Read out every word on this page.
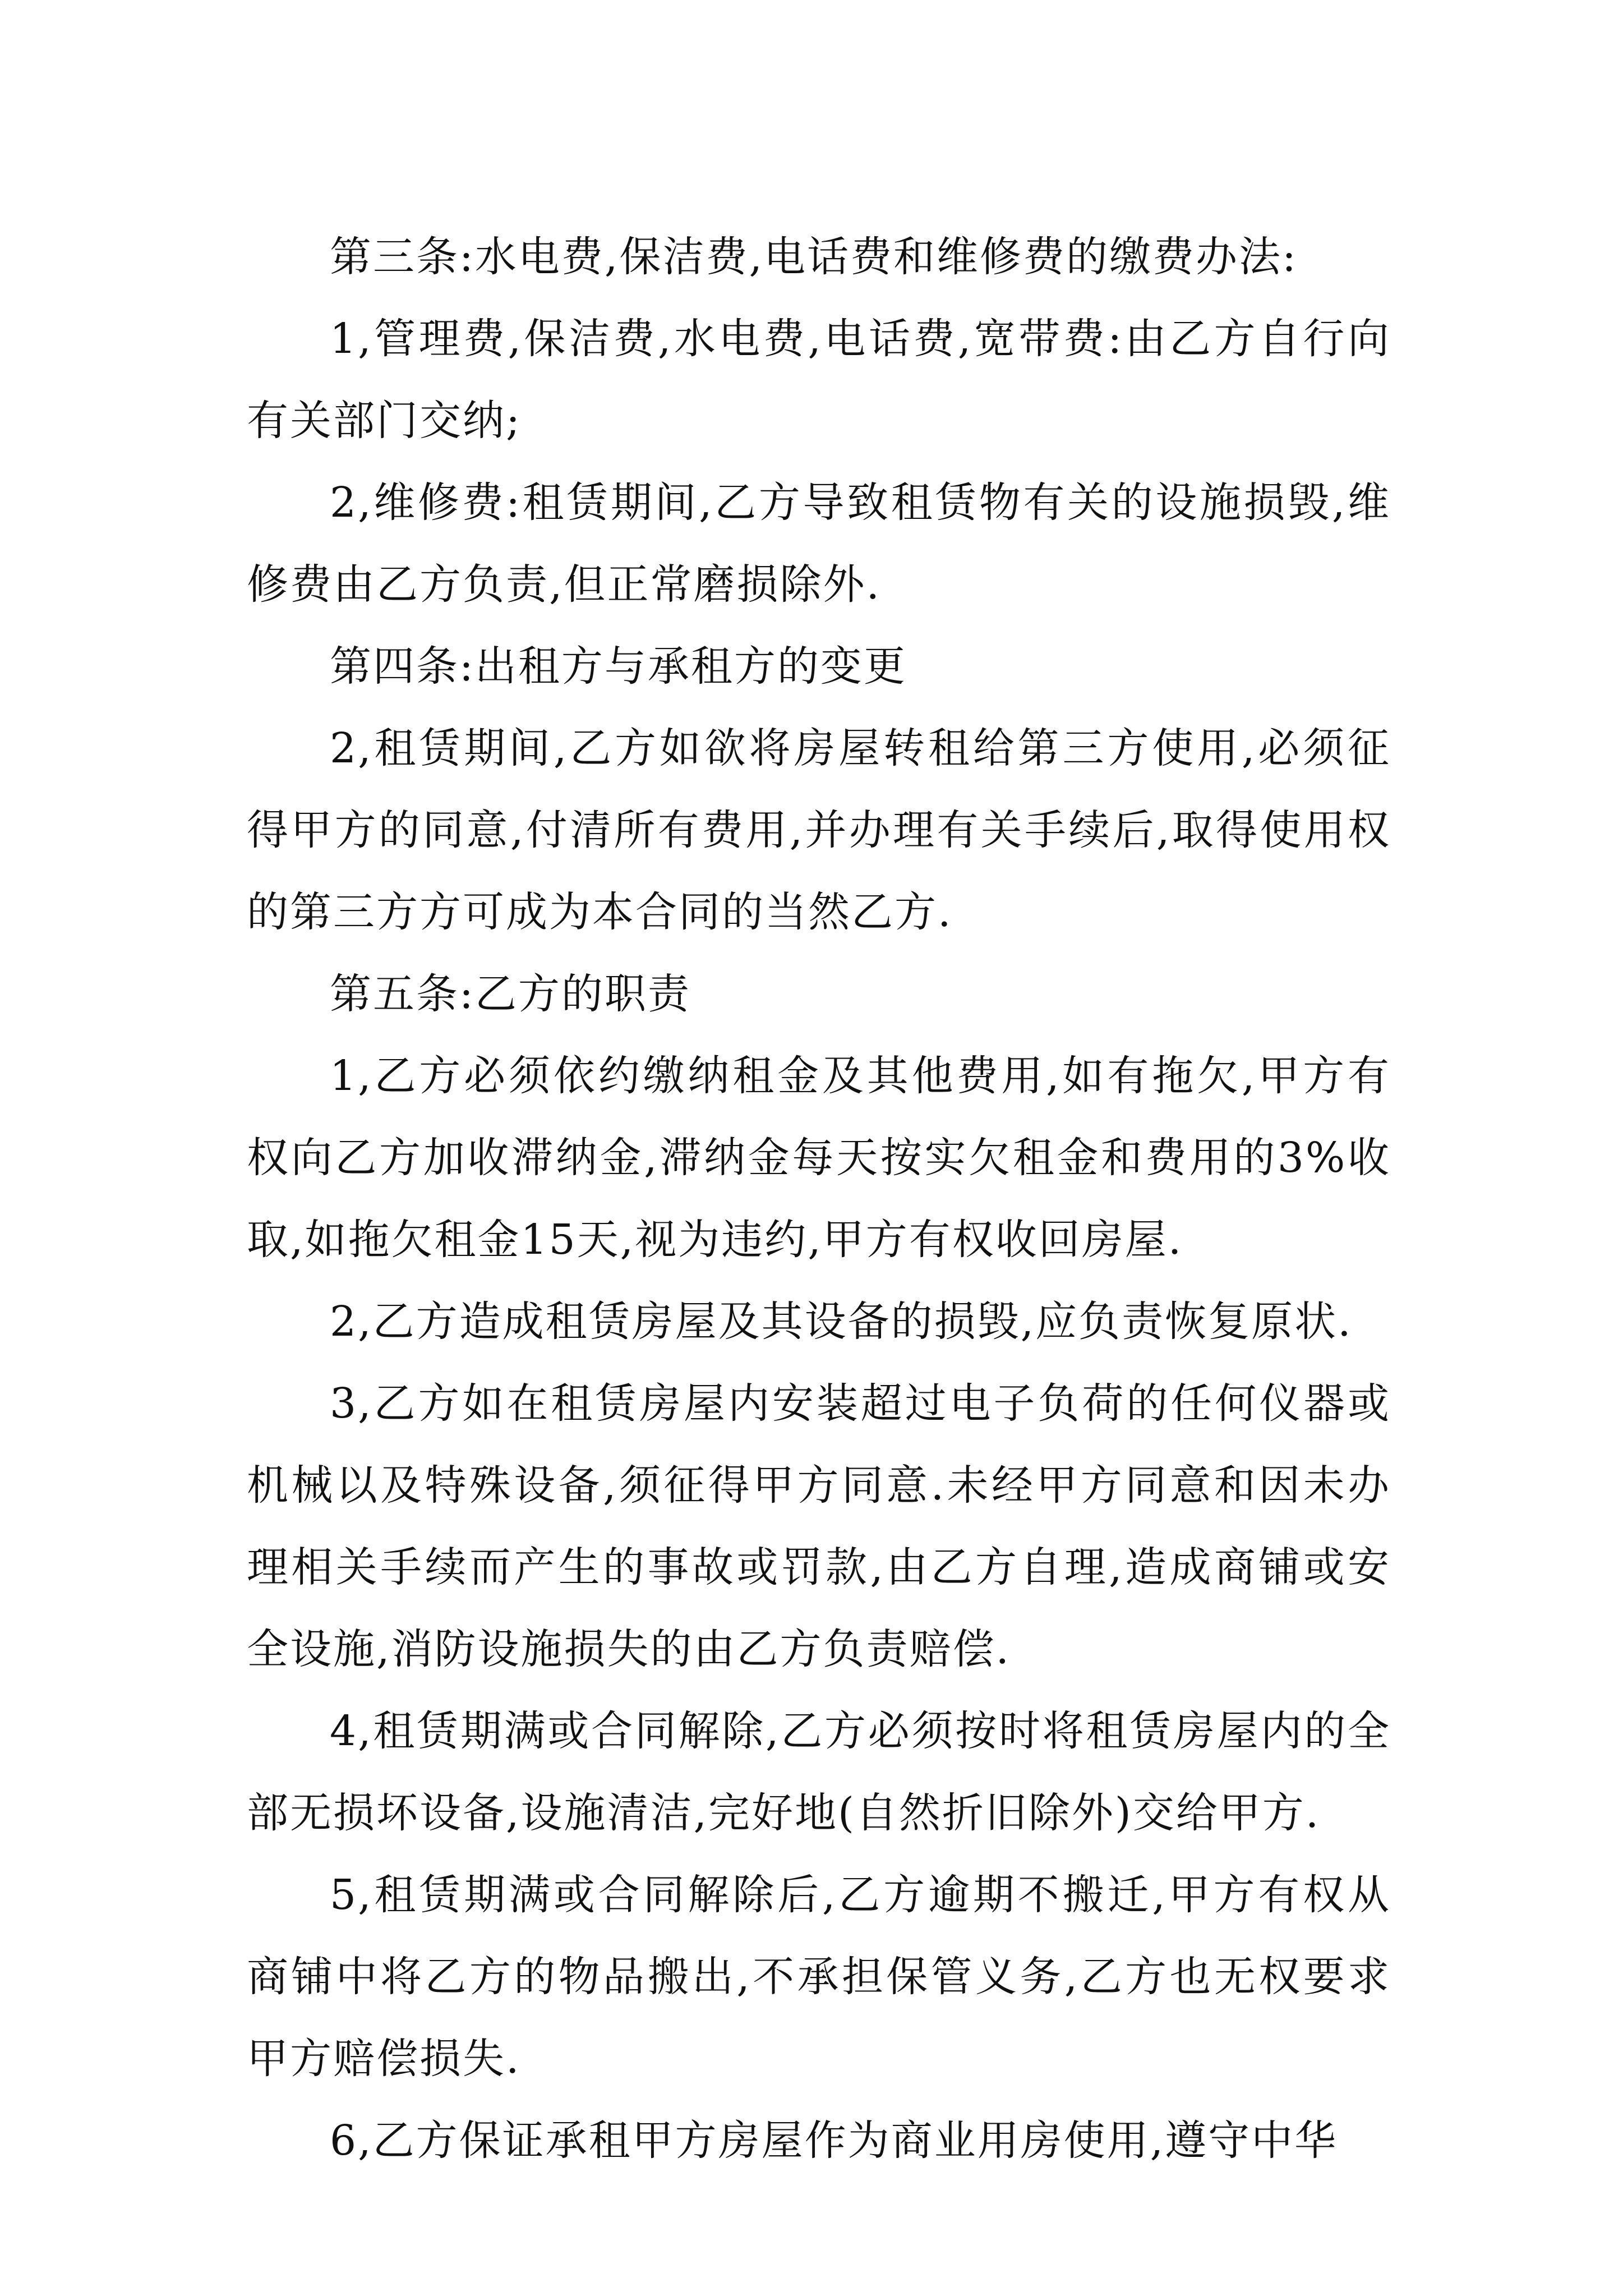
第三条:水电费,保洁费,电话费和维修费的缴费办法:

1,管理费,保洁费,水电费,电话费,宽带费:由乙方自行向有关部门交纳;

2,维修费:租赁期间,乙方导致租赁物有关的设施损毁,维修费由乙方负责,但正常磨损除外.

第四条:出租方与承租方的变更

2,租赁期间,乙方如欲将房屋转租给第三方使用,必须征得甲方的同意,付清所有费用,并办理有关手续后,取得使用权的第三方方可成为本合同的当然乙方.

第五条:乙方的职责

1,乙方必须依约缴纳租金及其他费用,如有拖欠,甲方有权向乙方加收滞纳金,滞纳金每天按实欠租金和费用的3%收取,如拖欠租金15天,视为违约,甲方有权收回房屋.

2,乙方造成租赁房屋及其设备的损毁,应负责恢复原状.

3,乙方如在租赁房屋内安装超过电子负荷的任何仪器或机械以及特殊设备,须征得甲方同意.未经甲方同意和因未办理相关手续而产生的事故或罚款,由乙方自理,造成商铺或安全设施,消防设施损失的由乙方负责赔偿.

4,租赁期满或合同解除,乙方必须按时将租赁房屋内的全部无损坏设备,设施清洁,完好地(自然折旧除外)交给甲方.

5,租赁期满或合同解除后,乙方逾期不搬迁,甲方有权从商铺中将乙方的物品搬出,不承担保管义务,乙方也无权要求甲方赔偿损失.

6,乙方保证承租甲方房屋作为商业用房使用,遵守中华
